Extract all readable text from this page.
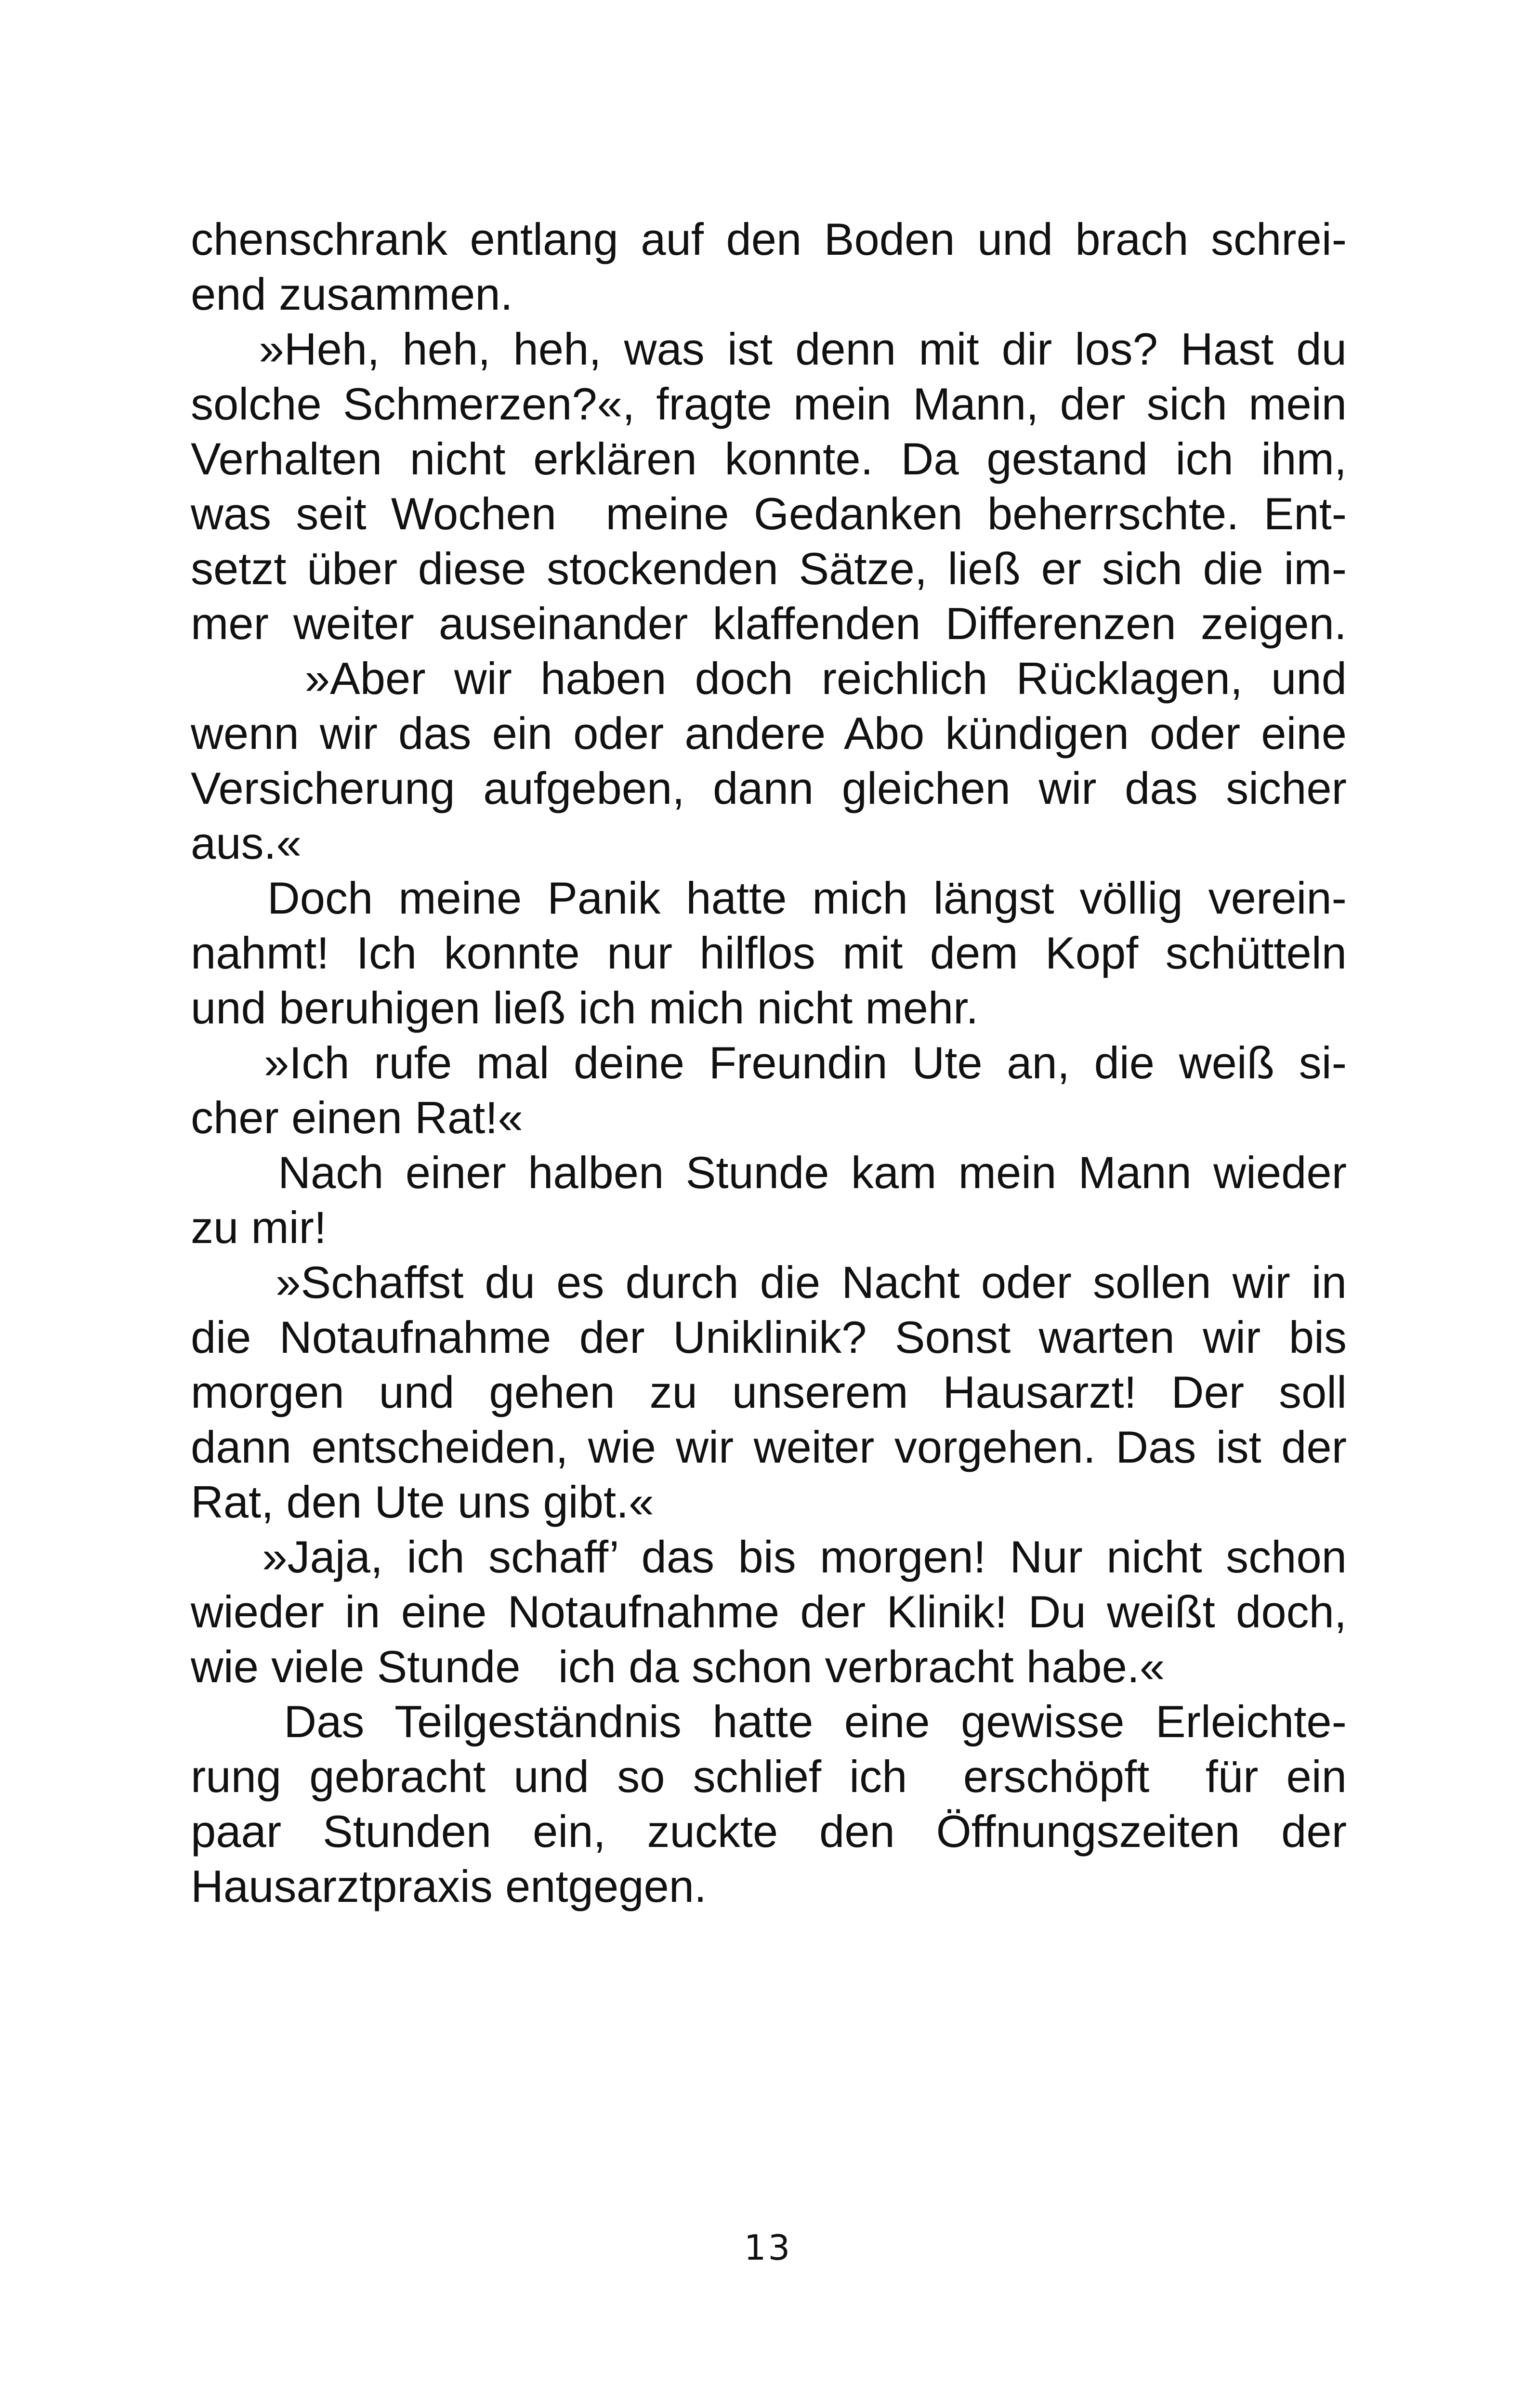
chenschrank entlang auf den Boden und brach schrei-
end zusammen.
»Heh, heh, heh, was ist denn mit dir los? Hast du
solche Schmerzen?«, fragte mein Mann, der sich mein
Verhalten nicht erklären konnte. Da gestand ich ihm,
was seit Wochen  meine Gedanken beherrschte. Ent-
setzt über diese stockenden Sätze, ließ er sich die im-
mer weiter auseinander klaffenden Differenzen zeigen.
»Aber wir haben doch reichlich Rücklagen, und
wenn wir das ein oder andere Abo kündigen oder eine
Versicherung aufgeben, dann gleichen wir das sicher
aus.«
Doch meine Panik hatte mich längst völlig verein-
nahmt! Ich konnte nur hilflos mit dem Kopf schütteln
und beruhigen ließ ich mich nicht mehr.
»Ich rufe mal deine Freundin Ute an, die weiß si-
cher einen Rat!«
Nach einer halben Stunde kam mein Mann wieder
zu mir!
»Schaffst du es durch die Nacht oder sollen wir in
die Notaufnahme der Uniklinik? Sonst warten wir bis
morgen und gehen zu unserem Hausarzt! Der soll
dann entscheiden, wie wir weiter vorgehen. Das ist der
Rat, den Ute uns gibt.«
»Jaja, ich schaff’ das bis morgen! Nur nicht schon
wieder in eine Notaufnahme der Klinik! Du weißt doch,
wie viele Stunde   ich da schon verbracht habe.«
Das Teilgeständnis hatte eine gewisse Erleichte-
rung gebracht und so schlief ich  erschöpft  für ein
paar Stunden ein, zuckte den Öffnungszeiten der
Hausarztpraxis entgegen.
13
